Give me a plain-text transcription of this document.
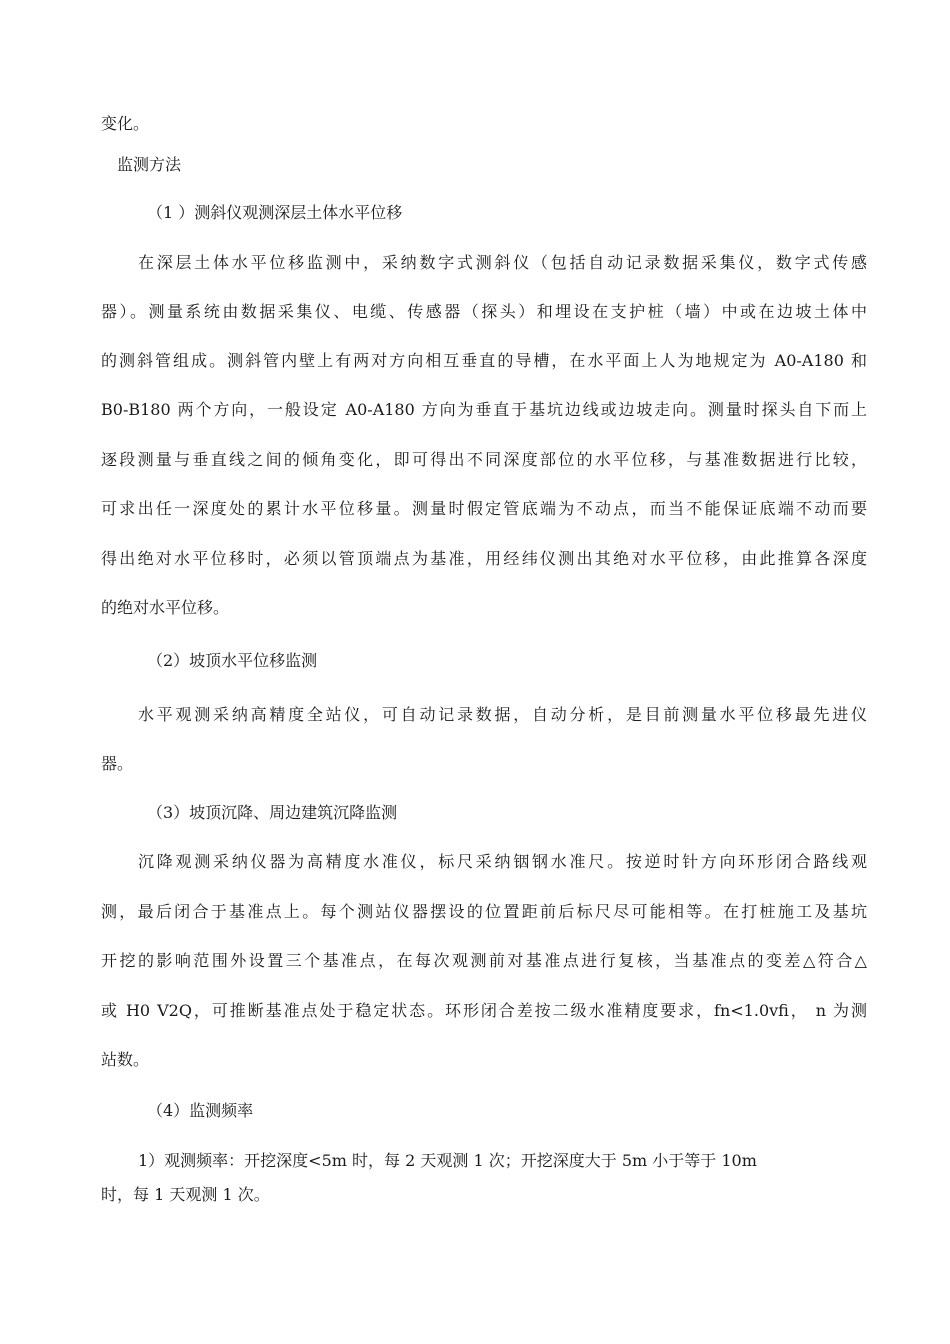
变化。
监测方法
（1 ）测斜仪观测深层土体水平位移
在深层土体水平位移监测中，采纳数字式测斜仪（包括自动记录数据采集仪，数字式传感
器）。测量系统由数据采集仪、电缆、传感器（探头）和埋设在支护桩（墙）中或在边坡土体中
的测斜管组成。测斜管内壁上有两对方向相互垂直的导槽，在水平面上人为地规定为 A0-A180 和
B0-B180 两个方向，一般设定 A0-A180 方向为垂直于基坑边线或边坡走向。测量时探头自下而上
逐段测量与垂直线之间的倾角变化，即可得出不同深度部位的水平位移，与基准数据进行比较，
可求出任一深度处的累计水平位移量。测量时假定管底端为不动点，而当不能保证底端不动而要
得出绝对水平位移时，必须以管顶端点为基准，用经纬仪测出其绝对水平位移，由此推算各深度
的绝对水平位移。
（2）坡顶水平位移监测
水平观测采纳高精度全站仪，可自动记录数据，自动分析，是目前测量水平位移最先进仪
器。
（3）坡顶沉降、周边建筑沉降监测
沉降观测采纳仪器为高精度水准仪，标尺采纳铟钢水准尺。按逆时针方向环形闭合路线观
测，最后闭合于基准点上。每个测站仪器摆设的位置距前后标尺尽可能相等。在打桩施工及基坑
开挖的影响范围外设置三个基准点，在每次观测前对基准点进行复核，当基准点的变差△符合△
或 H0 V2Q，可推断基准点处于稳定状态。环形闭合差按二级水准精度要求，fn<1.0vfi， n 为测
站数。
（4）监测频率
1）观测频率：开挖深度<5m 时，每 2 天观测 1 次；开挖深度大于 5m 小于等于 10m
时，每 1 天观测 1 次。
